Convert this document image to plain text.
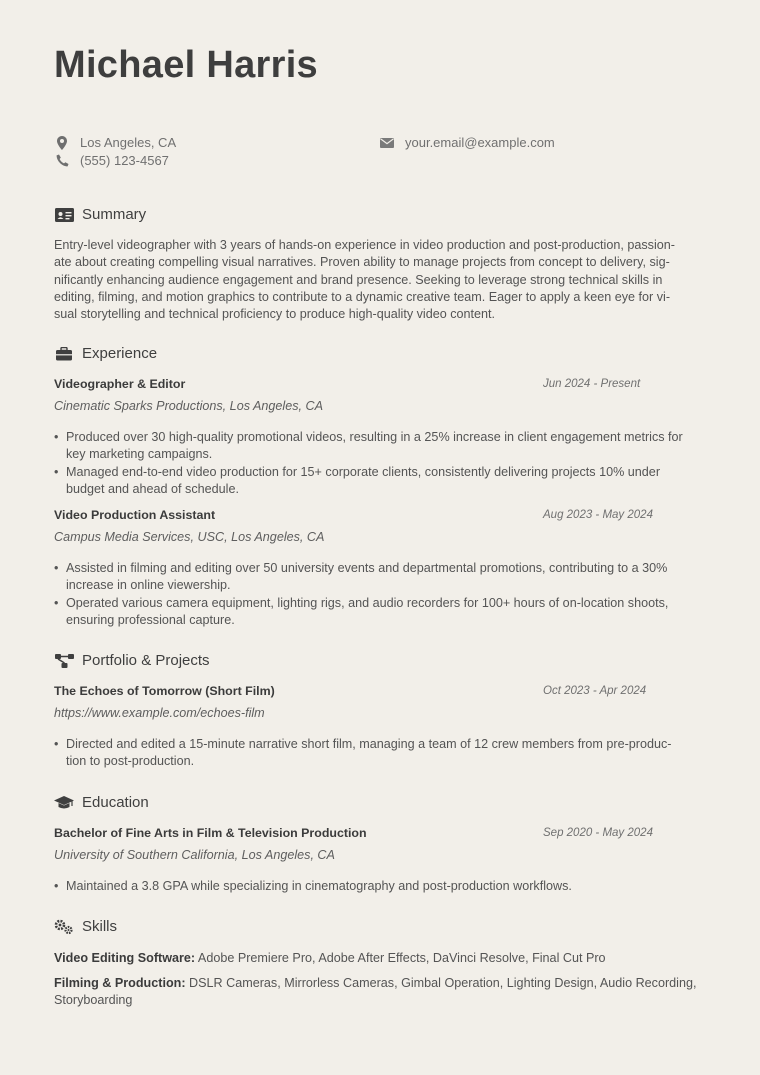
Michael Harris
Los Angeles, CA
(555) 123-4567
your.email@example.com
Summary
Entry-level videographer with 3 years of hands-on experience in video production and post-production, passion-
ate about creating compelling visual narratives. Proven ability to manage projects from concept to delivery, sig-
nificantly enhancing audience engagement and brand presence. Seeking to leverage strong technical skills in
editing, filming, and motion graphics to contribute to a dynamic creative team. Eager to apply a keen eye for vi-
sual storytelling and technical proficiency to produce high-quality video content.
Experience
Videographer & Editor	Jun 2024 - Present
Cinematic Sparks Productions, Los Angeles, CA
• Produced over 30 high-quality promotional videos, resulting in a 25% increase in client engagement metrics for
key marketing campaigns.
• Managed end-to-end video production for 15+ corporate clients, consistently delivering projects 10% under
budget and ahead of schedule.
Video Production Assistant	Aug 2023 - May 2024
Campus Media Services, USC, Los Angeles, CA
• Assisted in filming and editing over 50 university events and departmental promotions, contributing to a 30%
increase in online viewership.
• Operated various camera equipment, lighting rigs, and audio recorders for 100+ hours of on-location shoots,
ensuring professional capture.
Portfolio & Projects
The Echoes of Tomorrow (Short Film)	Oct 2023 - Apr 2024
https://www.example.com/echoes-film
• Directed and edited a 15-minute narrative short film, managing a team of 12 crew members from pre-produc-
tion to post-production.
Education
Bachelor of Fine Arts in Film & Television Production	Sep 2020 - May 2024
University of Southern California, Los Angeles, CA
• Maintained a 3.8 GPA while specializing in cinematography and post-production workflows.
Skills
Video Editing Software: Adobe Premiere Pro, Adobe After Effects, DaVinci Resolve, Final Cut Pro
Filming & Production: DSLR Cameras, Mirrorless Cameras, Gimbal Operation, Lighting Design, Audio Recording,
Storyboarding
